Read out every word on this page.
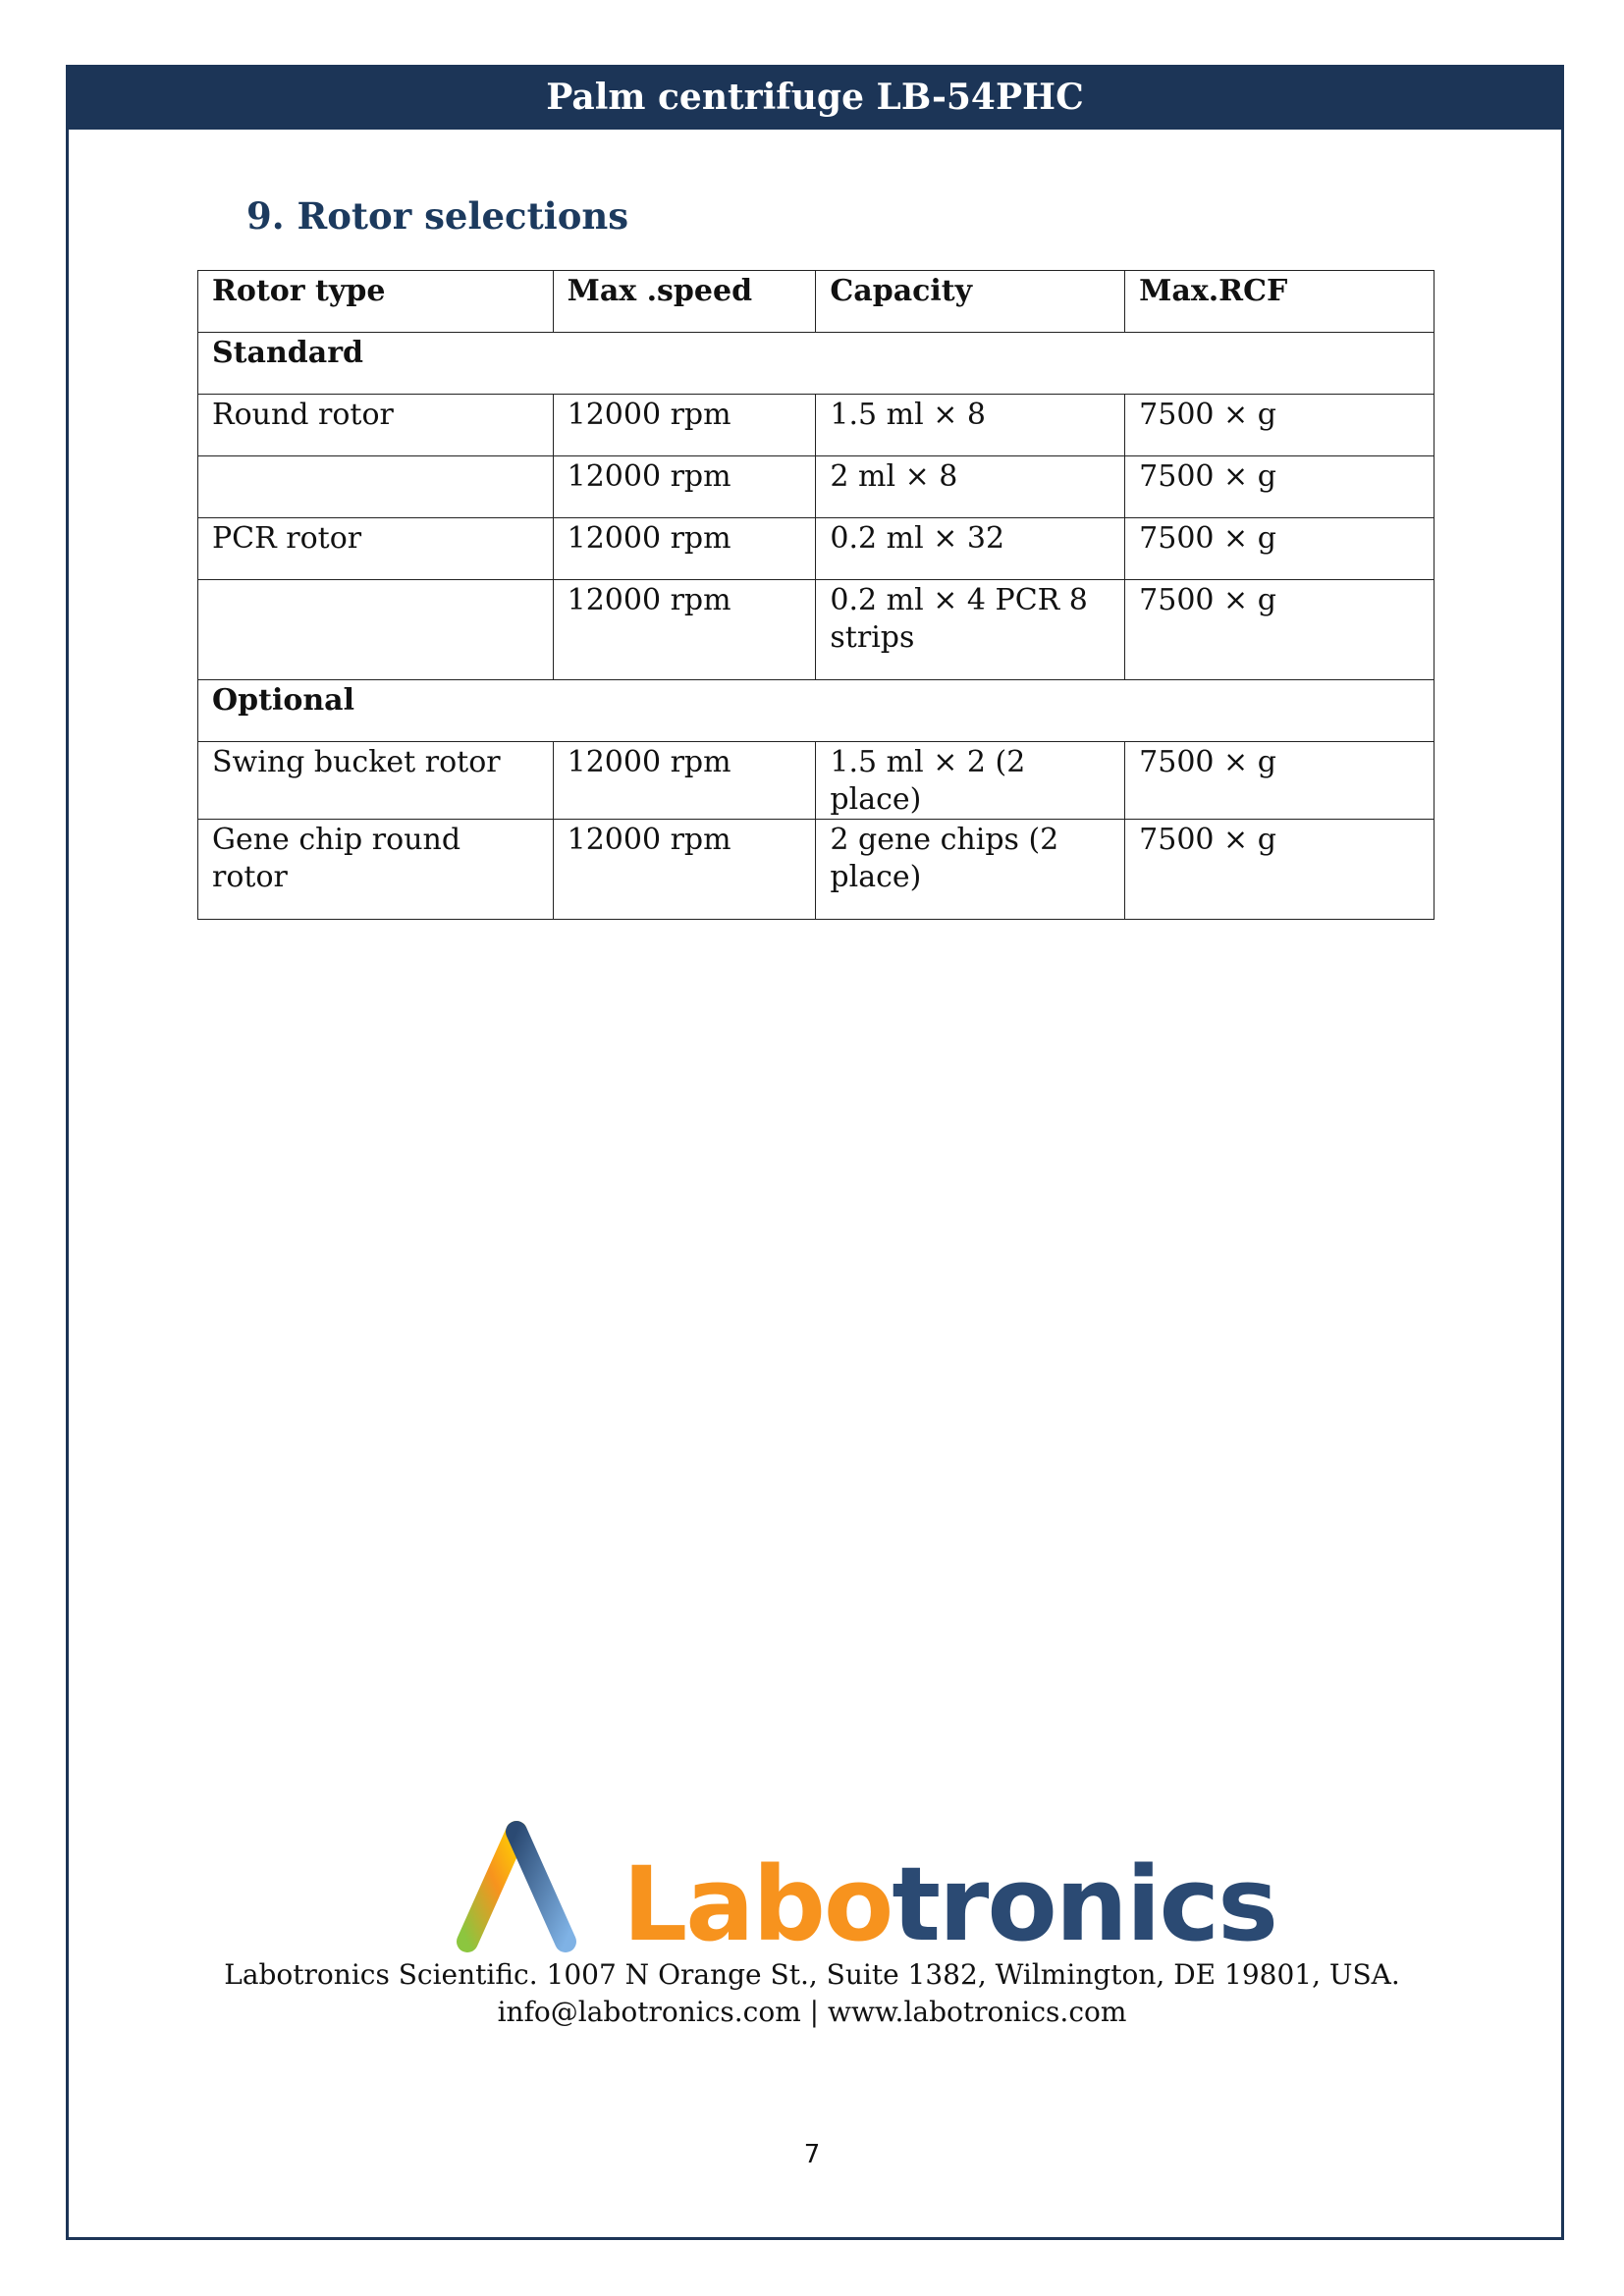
Palm centrifuge LB-54PHC
9. Rotor selections
Rotor type	Max .speed	Capacity	Max.RCF
Standard			
Round rotor	12000 rpm	1.5 ml × 8	7500 × g
	12000 rpm	2 ml × 8	7500 × g
PCR rotor	12000 rpm	0.2 ml × 32	7500 × g
	12000 rpm	0.2 ml × 4 PCR 8 strips	7500 × g
Optional			
Swing bucket rotor	12000 rpm	1.5 ml × 2 (2 place)	7500 × g
Gene chip round rotor	12000 rpm	2 gene chips (2 place)	7500 × g
Labotronics
Labotronics Scientific. 1007 N Orange St., Suite 1382, Wilmington, DE 19801, USA.
info@labotronics.com | www.labotronics.com
7
